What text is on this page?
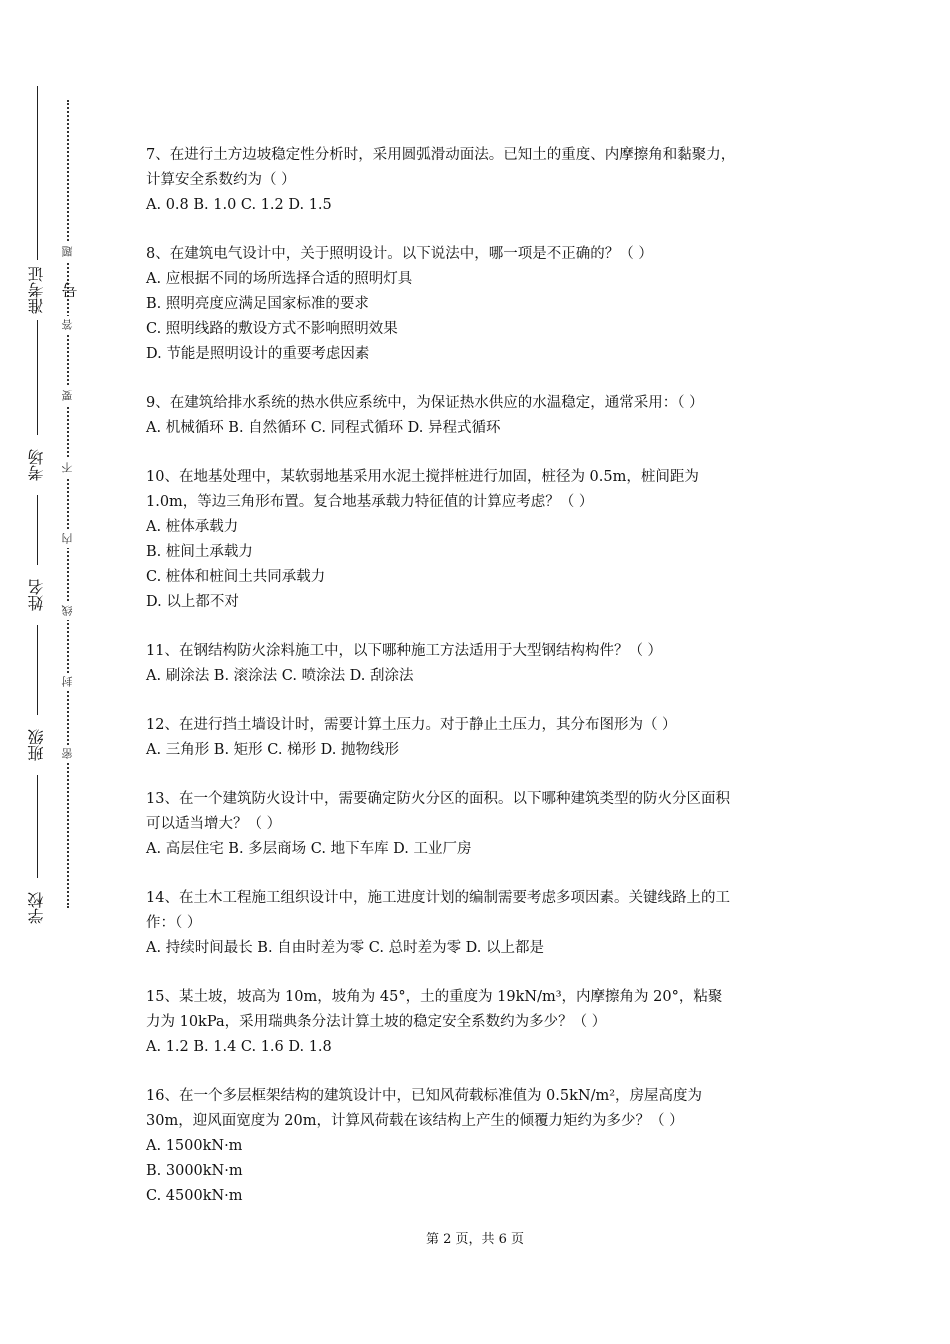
准考证号
考场
姓名
班级
学校
题
答
要
不
内
线
封
密
7、在进行土方边坡稳定性分析时，采用圆弧滑动面法。已知土的重度、内摩擦角和黏聚力，
计算安全系数约为（ ）
A. 0.8 B. 1.0 C. 1.2 D. 1.5
8、在建筑电气设计中，关于照明设计。以下说法中，哪一项是不正确的？（ ）
A. 应根据不同的场所选择合适的照明灯具
B. 照明亮度应满足国家标准的要求
C. 照明线路的敷设方式不影响照明效果
D. 节能是照明设计的重要考虑因素
9、在建筑给排水系统的热水供应系统中，为保证热水供应的水温稳定，通常采用：（ ）
A. 机械循环 B. 自然循环 C. 同程式循环 D. 异程式循环
10、在地基处理中，某软弱地基采用水泥土搅拌桩进行加固，桩径为 0.5m，桩间距为
1.0m，等边三角形布置。复合地基承载力特征值的计算应考虑？（ ）
A. 桩体承载力
B. 桩间土承载力
C. 桩体和桩间土共同承载力
D. 以上都不对
11、在钢结构防火涂料施工中，以下哪种施工方法适用于大型钢结构构件？（ ）
A. 刷涂法 B. 滚涂法 C. 喷涂法 D. 刮涂法
12、在进行挡土墙设计时，需要计算土压力。对于静止土压力，其分布图形为（ ）
A. 三角形 B. 矩形 C. 梯形 D. 抛物线形
13、在一个建筑防火设计中，需要确定防火分区的面积。以下哪种建筑类型的防火分区面积
可以适当增大？（ ）
A. 高层住宅 B. 多层商场 C. 地下车库 D. 工业厂房
14、在土木工程施工组织设计中，施工进度计划的编制需要考虑多项因素。关键线路上的工
作：（ ）
A. 持续时间最长 B. 自由时差为零 C. 总时差为零 D. 以上都是
15、某土坡，坡高为 10m，坡角为 45°，土的重度为 19kN/m³，内摩擦角为 20°，粘聚
力为 10kPa，采用瑞典条分法计算土坡的稳定安全系数约为多少？（ ）
A. 1.2 B. 1.4 C. 1.6 D. 1.8
16、在一个多层框架结构的建筑设计中，已知风荷载标准值为 0.5kN/m²，房屋高度为
30m，迎风面宽度为 20m，计算风荷载在该结构上产生的倾覆力矩约为多少？（ ）
A. 1500kN·m
B. 3000kN·m
C. 4500kN·m
第 2 页，共 6 页
